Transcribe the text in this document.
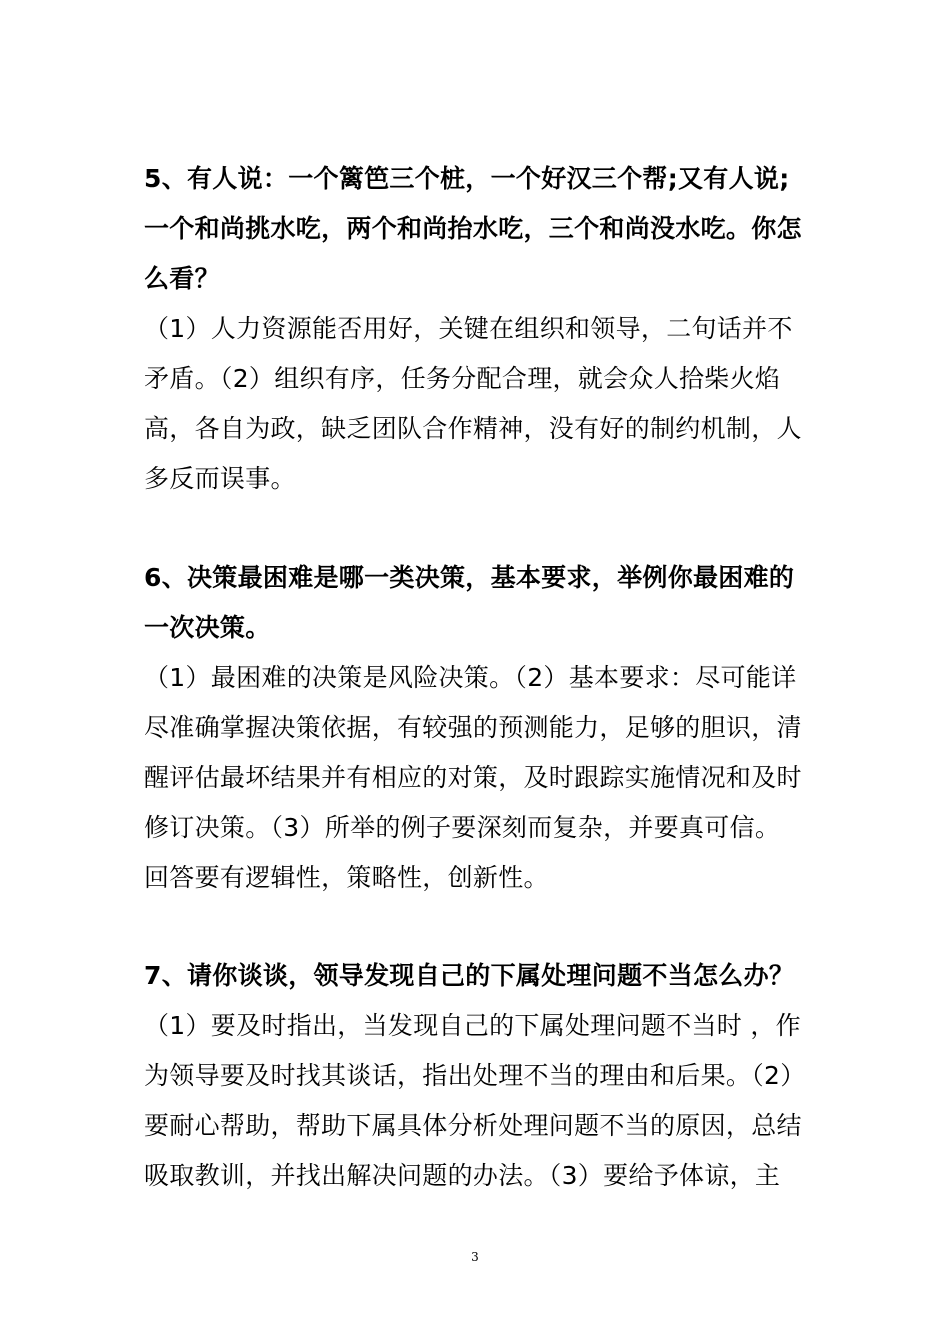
5、有人说：一个篱笆三个桩，一个好汉三个帮;又有人说;
一个和尚挑水吃，两个和尚抬水吃，三个和尚没水吃。你怎
么看？
（1）人力资源能否用好，关键在组织和领导，二句话并不
矛盾。（2）组织有序，任务分配合理，就会众人拾柴火焰
高，各自为政，缺乏团队合作精神，没有好的制约机制，人
多反而误事。
6、决策最困难是哪一类决策，基本要求，举例你最困难的
一次决策。
（1）最困难的决策是风险决策。（2）基本要求：尽可能详
尽准确掌握决策依据，有较强的预测能力，足够的胆识，清
醒评估最坏结果并有相应的对策，及时跟踪实施情况和及时
修订决策。（3）所举的例子要深刻而复杂，并要真可信。
回答要有逻辑性，策略性，创新性。
7、请你谈谈，领导发现自己的下属处理问题不当怎么办？
（1）要及时指出，当发现自己的下属处理问题不当时 ，作
为领导要及时找其谈话，指出处理不当的理由和后果。（2）
要耐心帮助，帮助下属具体分析处理问题不当的原因，总结
吸取教训，并找出解决问题的办法。（3）要给予体谅，主
3
